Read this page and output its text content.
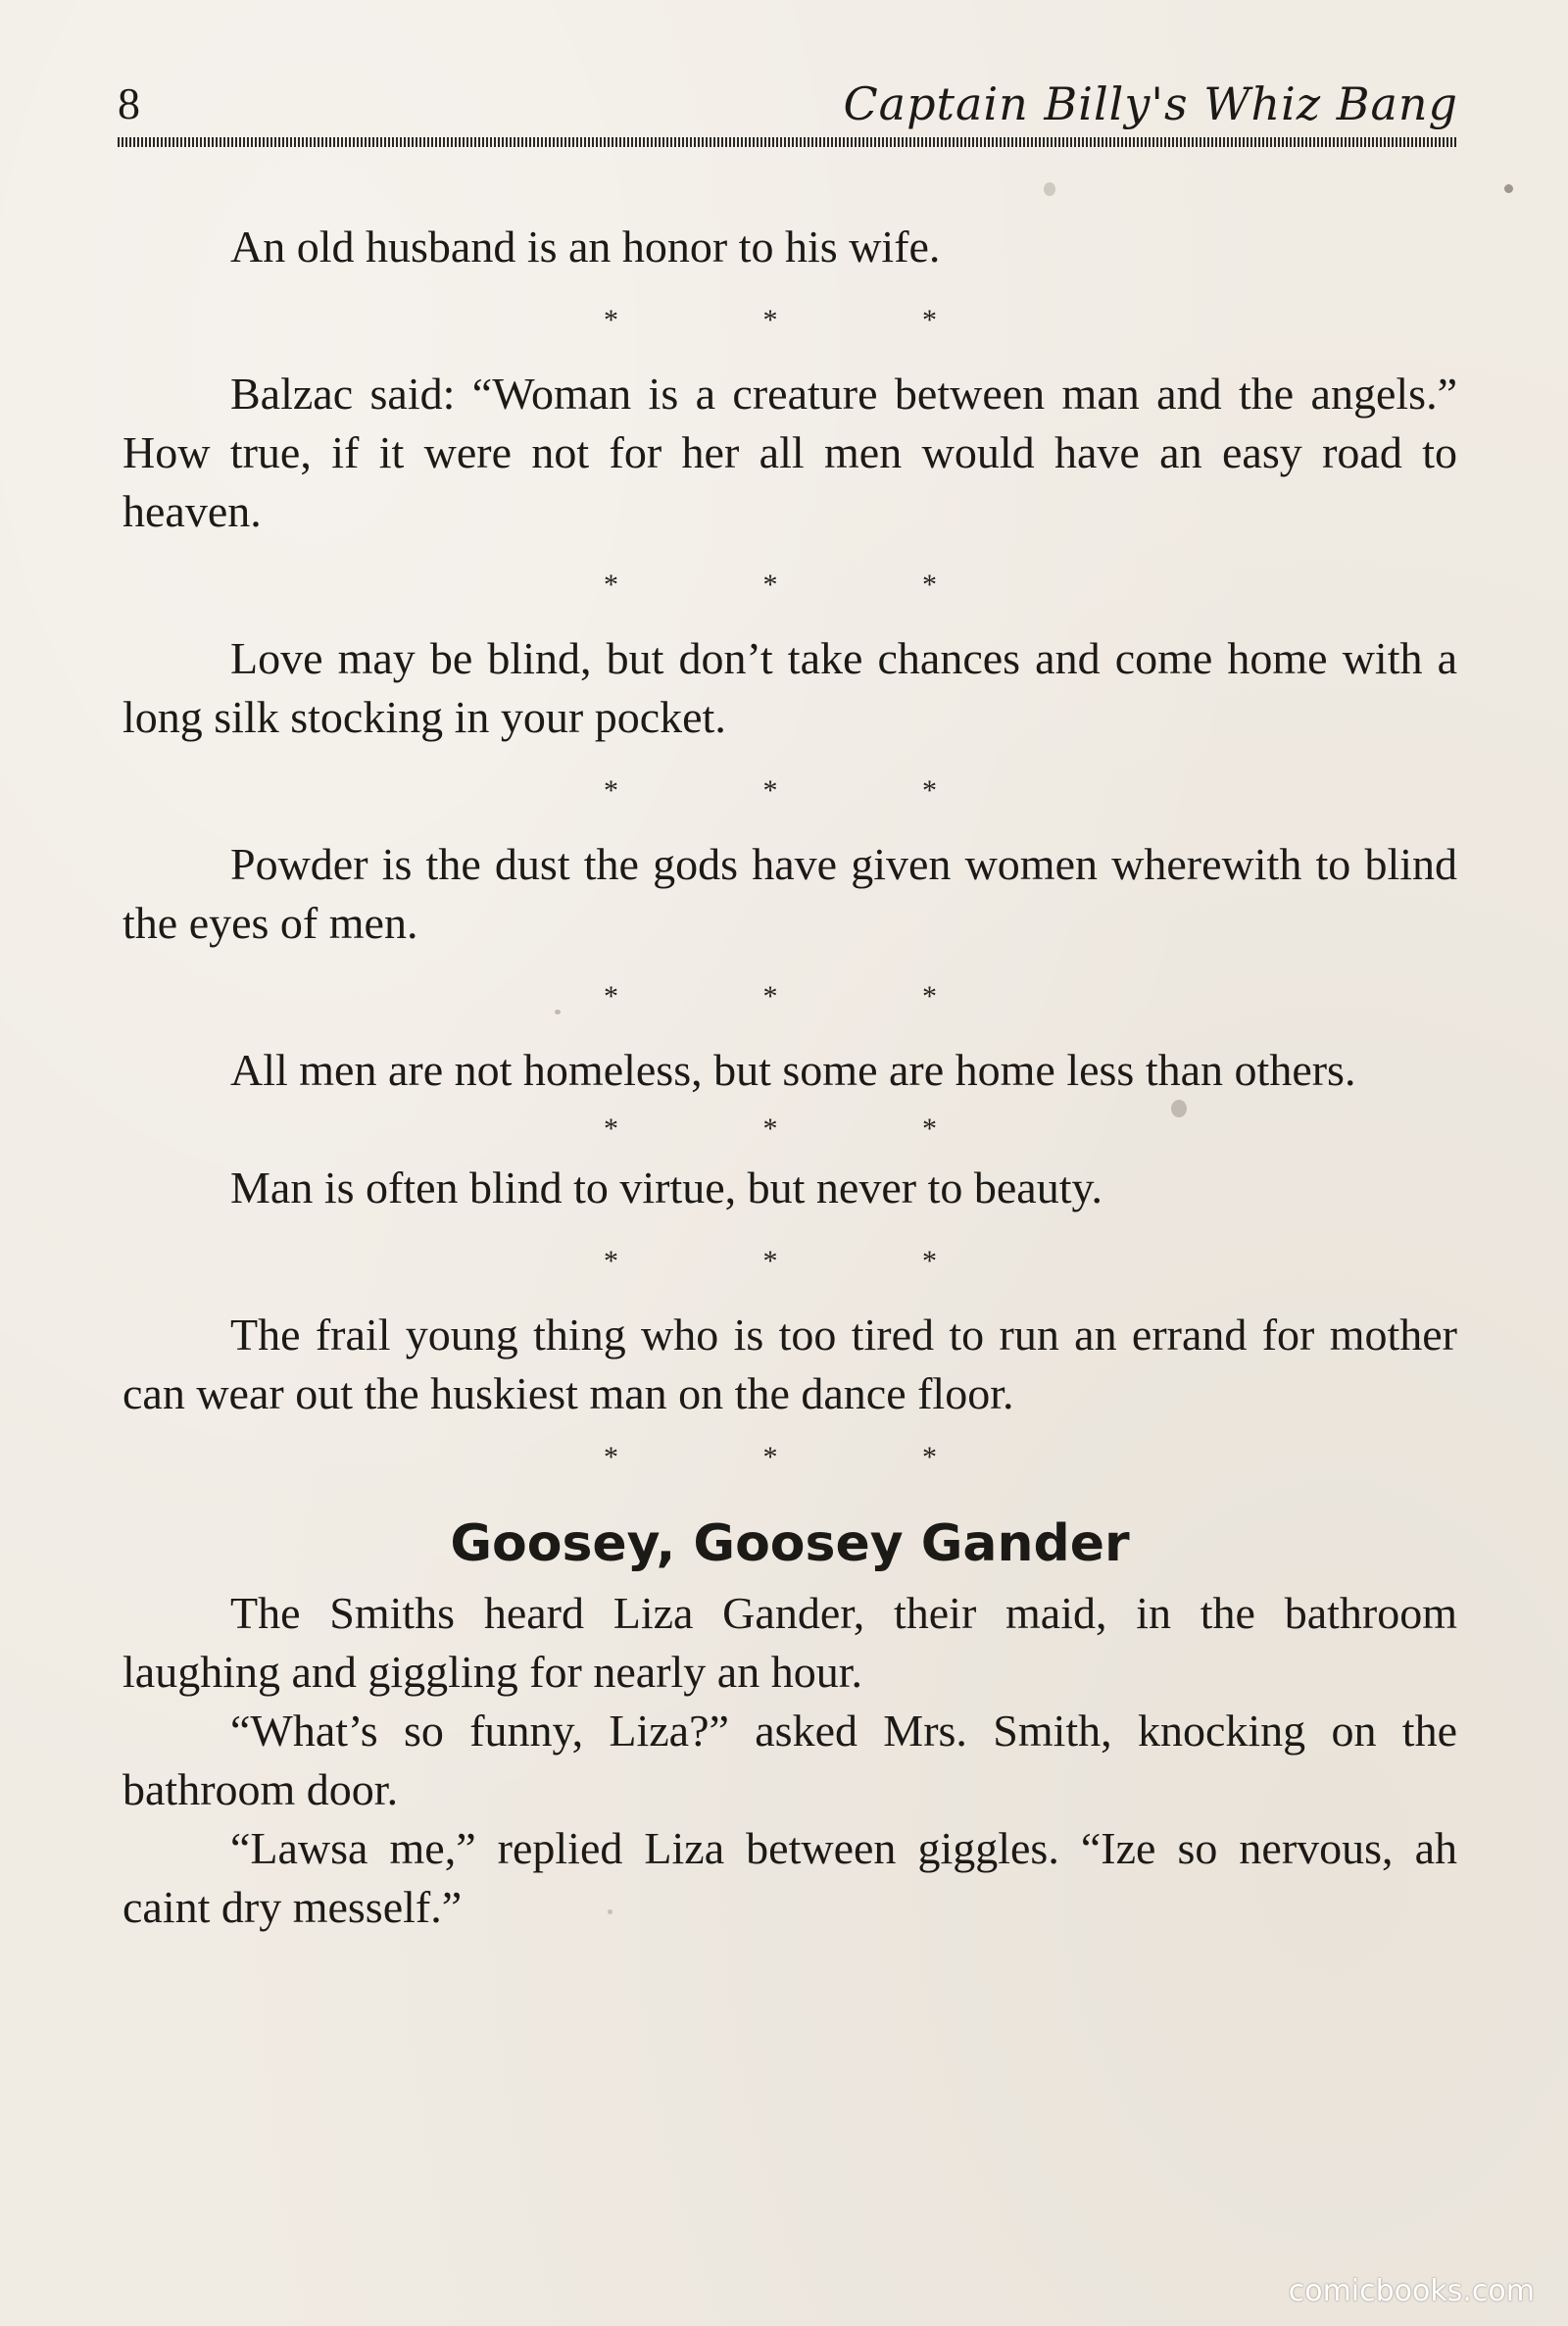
8	Captain Billy's Whiz Bang

An old husband is an honor to his wife.

* * *

Balzac said: “Woman is a creature between man and the angels.” How true, if it were not for her all men would have an easy road to heaven.

* * *

Love may be blind, but don’t take chances and come home with a long silk stocking in your pocket.

* * *

Powder is the dust the gods have given women wherewith to blind the eyes of men.

* * *

All men are not homeless, but some are home less than others.

* * *

Man is often blind to virtue, but never to beauty.

* * *

The frail young thing who is too tired to run an errand for mother can wear out the huskiest man on the dance floor.

* * *
Goosey, Goosey Gander

The Smiths heard Liza Gander, their maid, in the bathroom laughing and giggling for nearly an hour.

“What’s so funny, Liza?” asked Mrs. Smith, knocking on the bathroom door.

“Lawsa me,” replied Liza between giggles. “Ize so nervous, ah caint dry mesself.”

comicbooks.com
